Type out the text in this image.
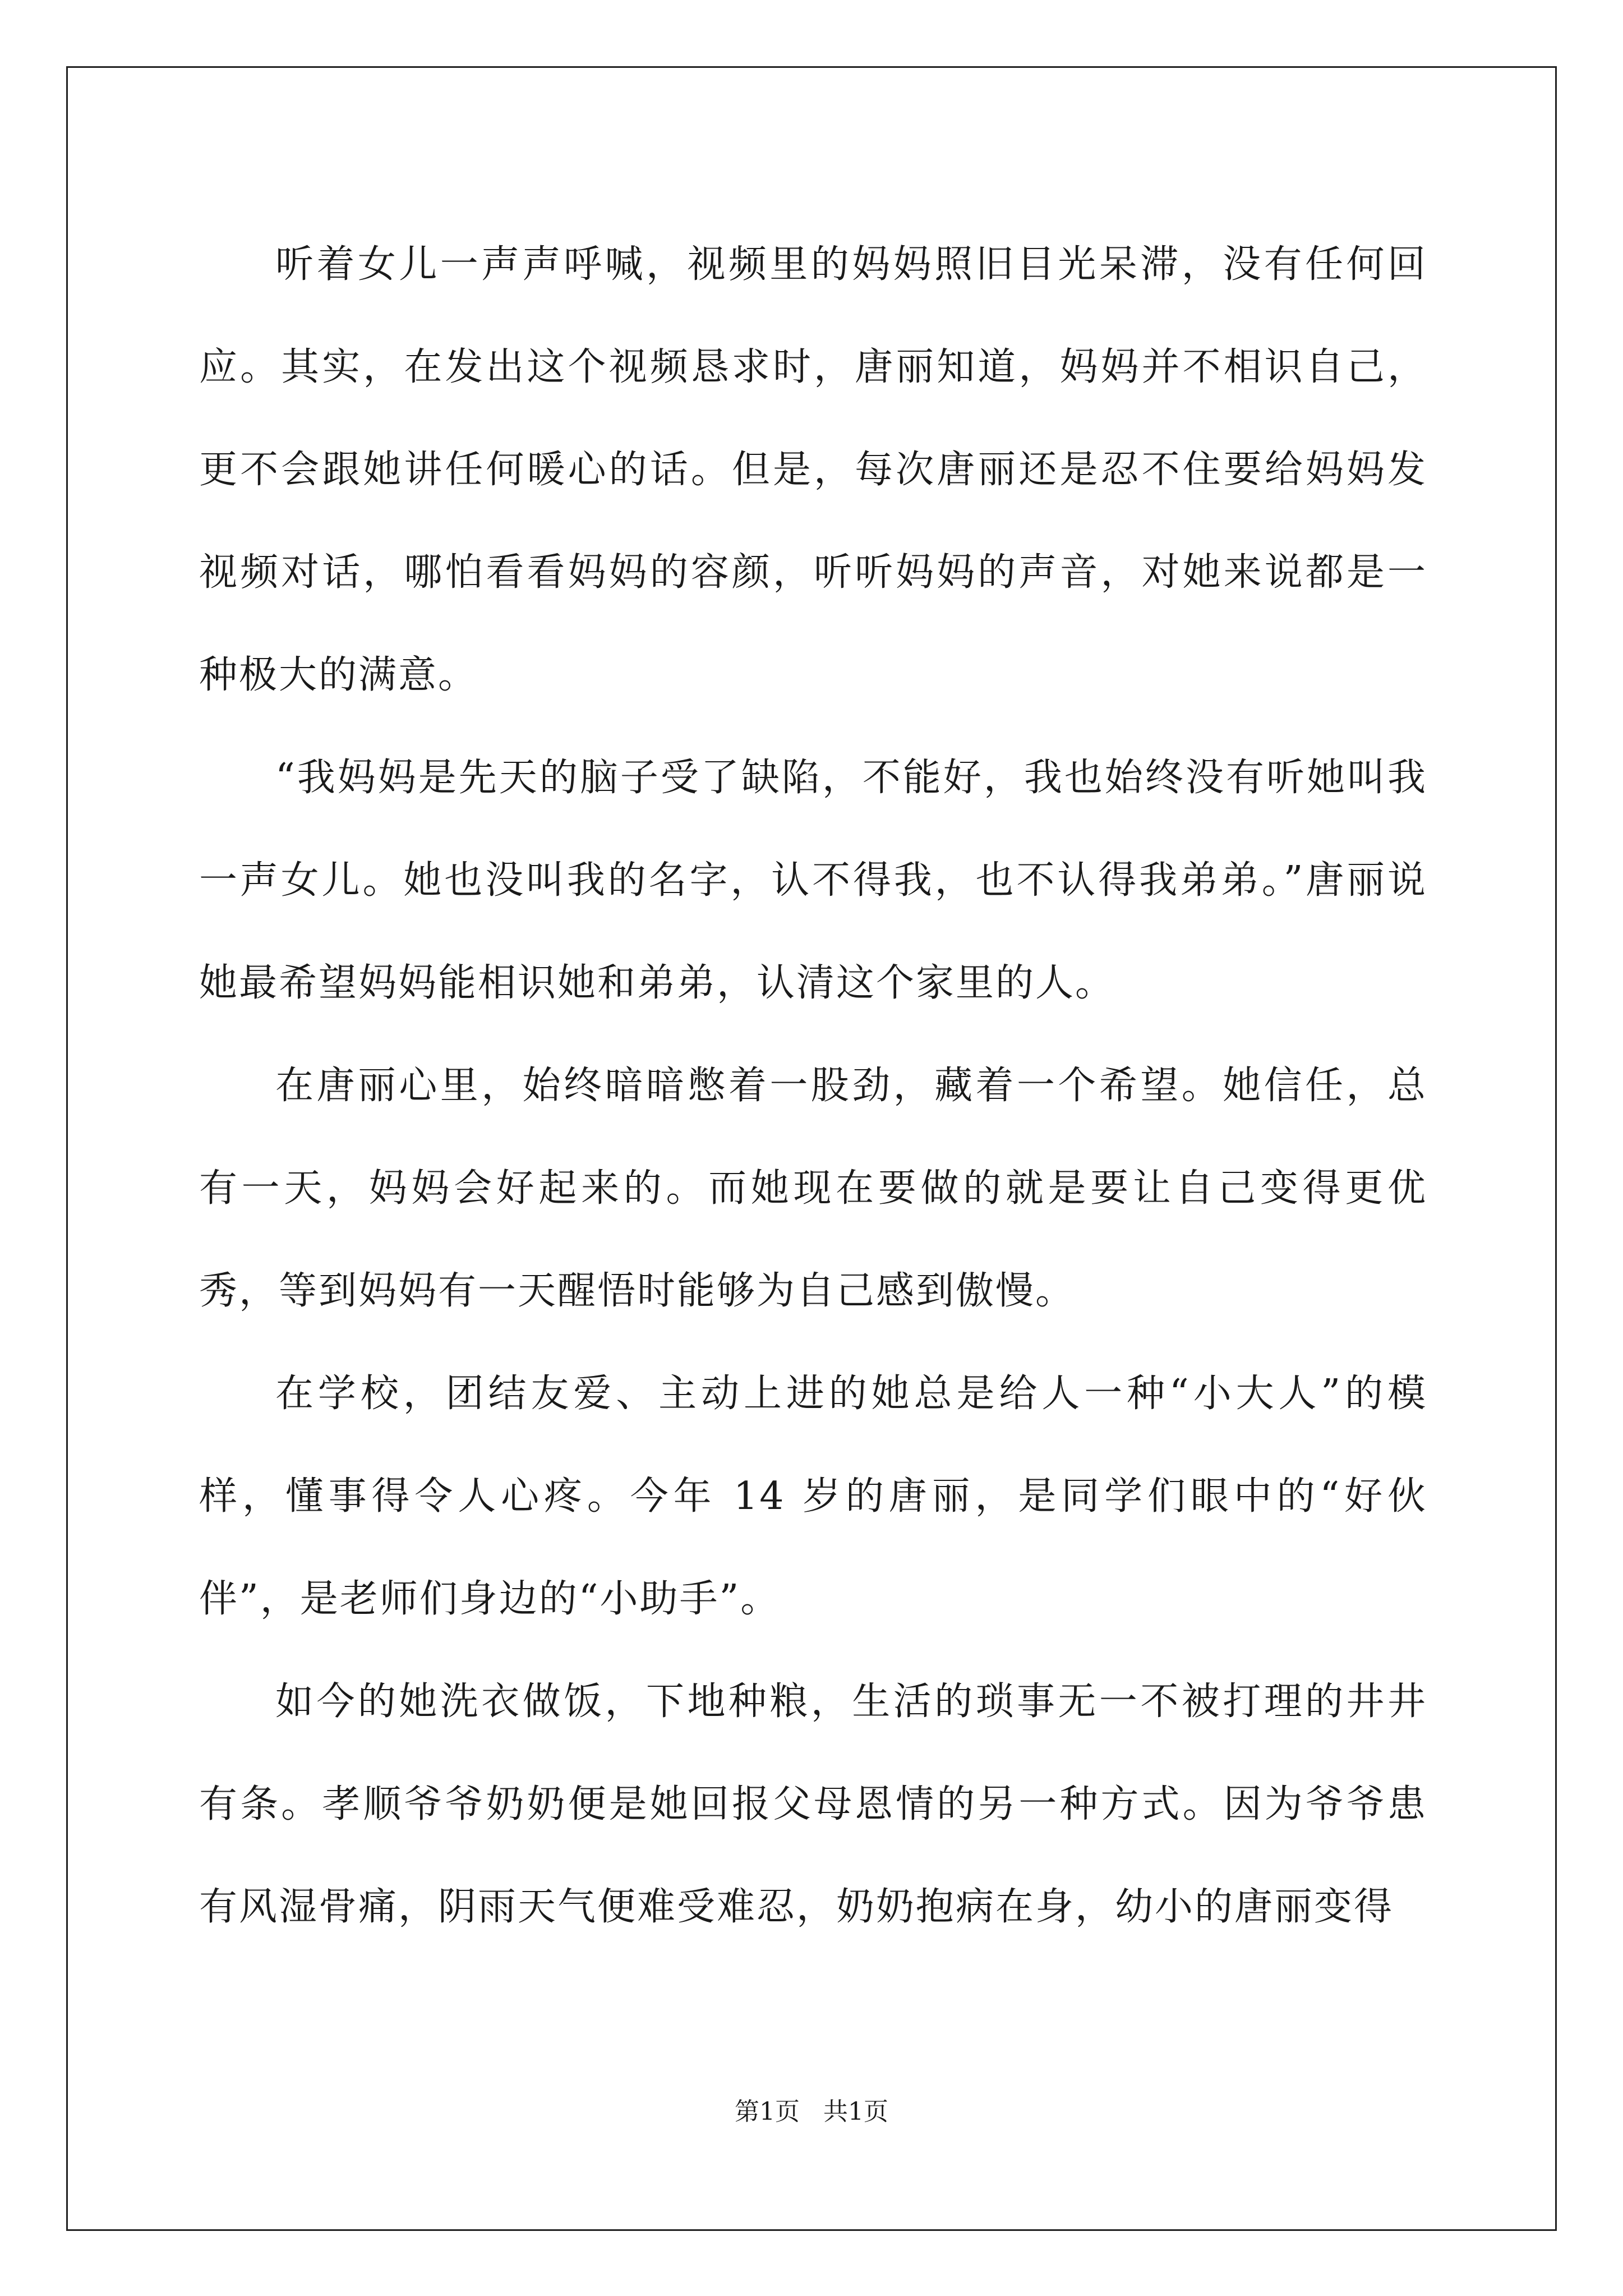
听着女儿一声声呼喊，视频里的妈妈照旧目光呆滞，没有任何回应。其实，在发出这个视频恳求时，唐丽知道，妈妈并不相识自己，更不会跟她讲任何暖心的话。但是，每次唐丽还是忍不住要给妈妈发视频对话，哪怕看看妈妈的容颜，听听妈妈的声音，对她来说都是一种极大的满意。

“我妈妈是先天的脑子受了缺陷，不能好，我也始终没有听她叫我一声女儿。她也没叫我的名字，认不得我，也不认得我弟弟。”唐丽说她最希望妈妈能相识她和弟弟，认清这个家里的人。

在唐丽心里，始终暗暗憋着一股劲，藏着一个希望。她信任，总有一天，妈妈会好起来的。而她现在要做的就是要让自己变得更优秀，等到妈妈有一天醒悟时能够为自己感到傲慢。

在学校，团结友爱、主动上进的她总是给人一种“小大人”的模样，懂事得令人心疼。今年 14 岁的唐丽，是同学们眼中的“好伙伴”，是老师们身边的“小助手”。

如今的她洗衣做饭，下地种粮，生活的琐事无一不被打理的井井有条。孝顺爷爷奶奶便是她回报父母恩情的另一种方式。因为爷爷患有风湿骨痛，阴雨天气便难受难忍，奶奶抱病在身，幼小的唐丽变得

第1页 共1页
